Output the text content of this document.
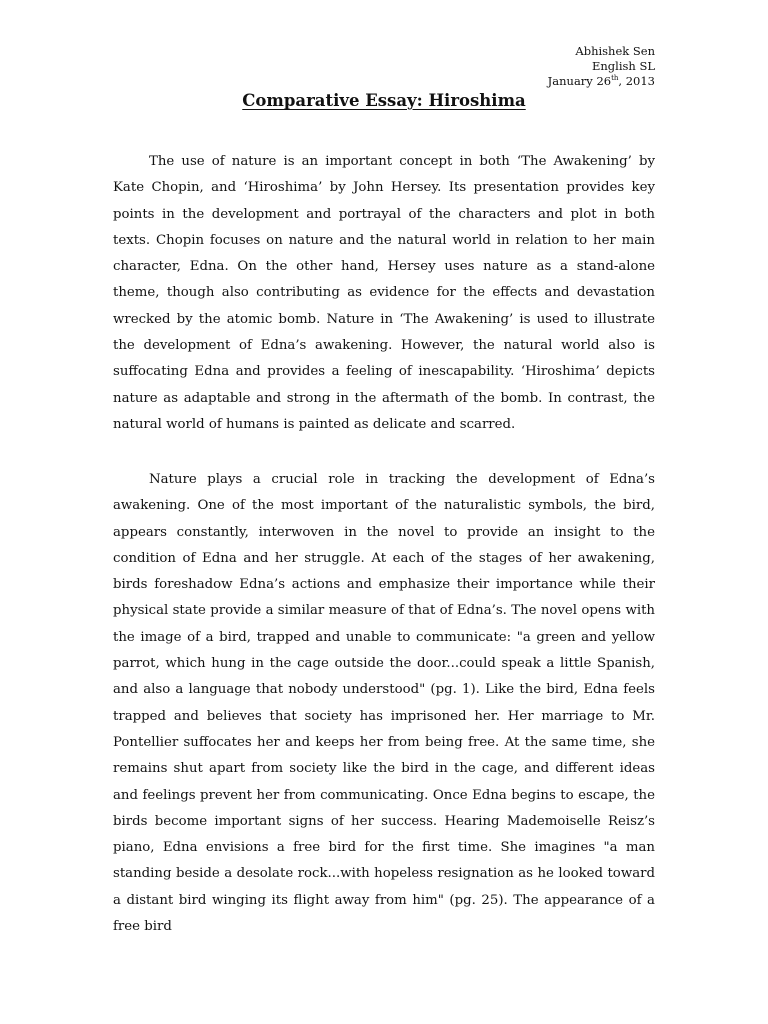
Abhishek Sen
English SL
January 26th, 2013
Comparative Essay: Hiroshima

The use of nature is an important concept in both ‘The Awakening’ by Kate Chopin, and ‘Hiroshima’ by John Hersey. Its presentation provides key points in the development and portrayal of the characters and plot in both texts. Chopin focuses on nature and the natural world in relation to her main character, Edna. On the other hand, Hersey uses nature as a stand-alone theme, though also contributing as evidence for the effects and devastation wrecked by the atomic bomb. Nature in ‘The Awakening’ is used to illustrate the development of Edna’s awakening. However, the natural world also is suffocating Edna and provides a feeling of inescapability. ‘Hiroshima’ depicts nature as adaptable and strong in the aftermath of the bomb. In contrast, the natural world of humans is painted as delicate and scarred.

Nature plays a crucial role in tracking the development of Edna’s awakening. One of the most important of the naturalistic symbols, the bird, appears constantly, interwoven in the novel to provide an insight to the condition of Edna and her struggle. At each of the stages of her awakening, birds foreshadow Edna’s actions and emphasize their importance while their physical state provide a similar measure of that of Edna’s. The novel opens with the image of a bird, trapped and unable to communicate: "a green and yellow parrot, which hung in the cage outside the door...could speak a little Spanish, and also a language that nobody understood" (pg. 1). Like the bird, Edna feels trapped and believes that society has imprisoned her. Her marriage to Mr. Pontellier suffocates her and keeps her from being free. At the same time, she remains shut apart from society like the bird in the cage, and different ideas and feelings prevent her from communicating. Once Edna begins to escape, the birds become important signs of her success. Hearing Mademoiselle Reisz’s piano, Edna envisions a free bird for the first time. She imagines "a man standing beside a desolate rock...with hopeless resignation as he looked toward a distant bird winging its flight away from him" (pg. 25). The appearance of a free bird
